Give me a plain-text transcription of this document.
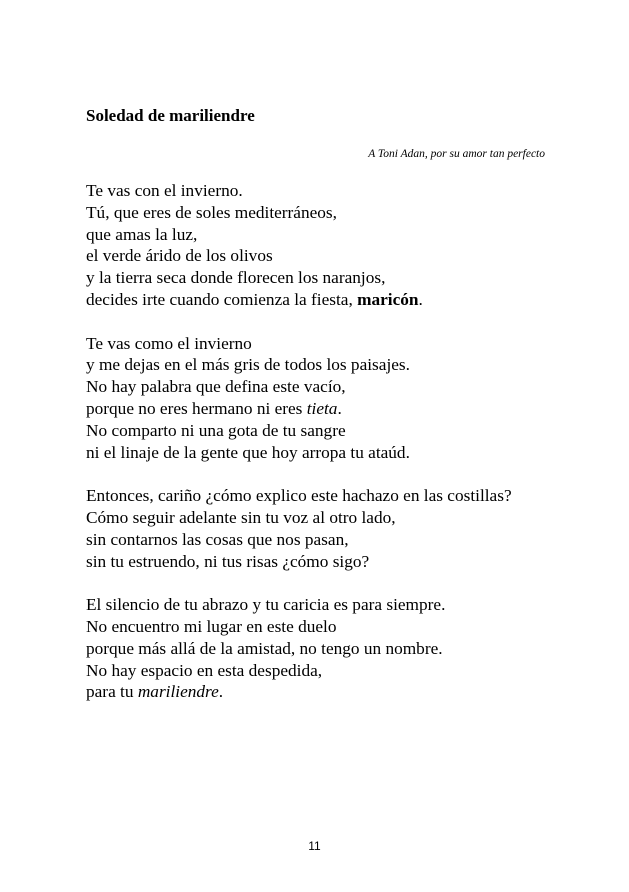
Soledad de mariliendre
A Toni Adan, por su amor tan perfecto
Te vas con el invierno.
Tú, que eres de soles mediterráneos,
que amas la luz,
el verde árido de los olivos
y la tierra seca donde florecen los naranjos,
decides irte cuando comienza la fiesta, maricón.
Te vas como el invierno
y me dejas en el más gris de todos los paisajes.
No hay palabra que defina este vacío,
porque no eres hermano ni eres tieta.
No comparto ni una gota de tu sangre
ni el linaje de la gente que hoy arropa tu ataúd.
Entonces, cariño ¿cómo explico este hachazo en las costillas?
Cómo seguir adelante sin tu voz al otro lado,
sin contarnos las cosas que nos pasan,
sin tu estruendo, ni tus risas ¿cómo sigo?
El silencio de tu abrazo y tu caricia es para siempre.
No encuentro mi lugar en este duelo
porque más allá de la amistad, no tengo un nombre.
No hay espacio en esta despedida,
para tu mariliendre.
11
